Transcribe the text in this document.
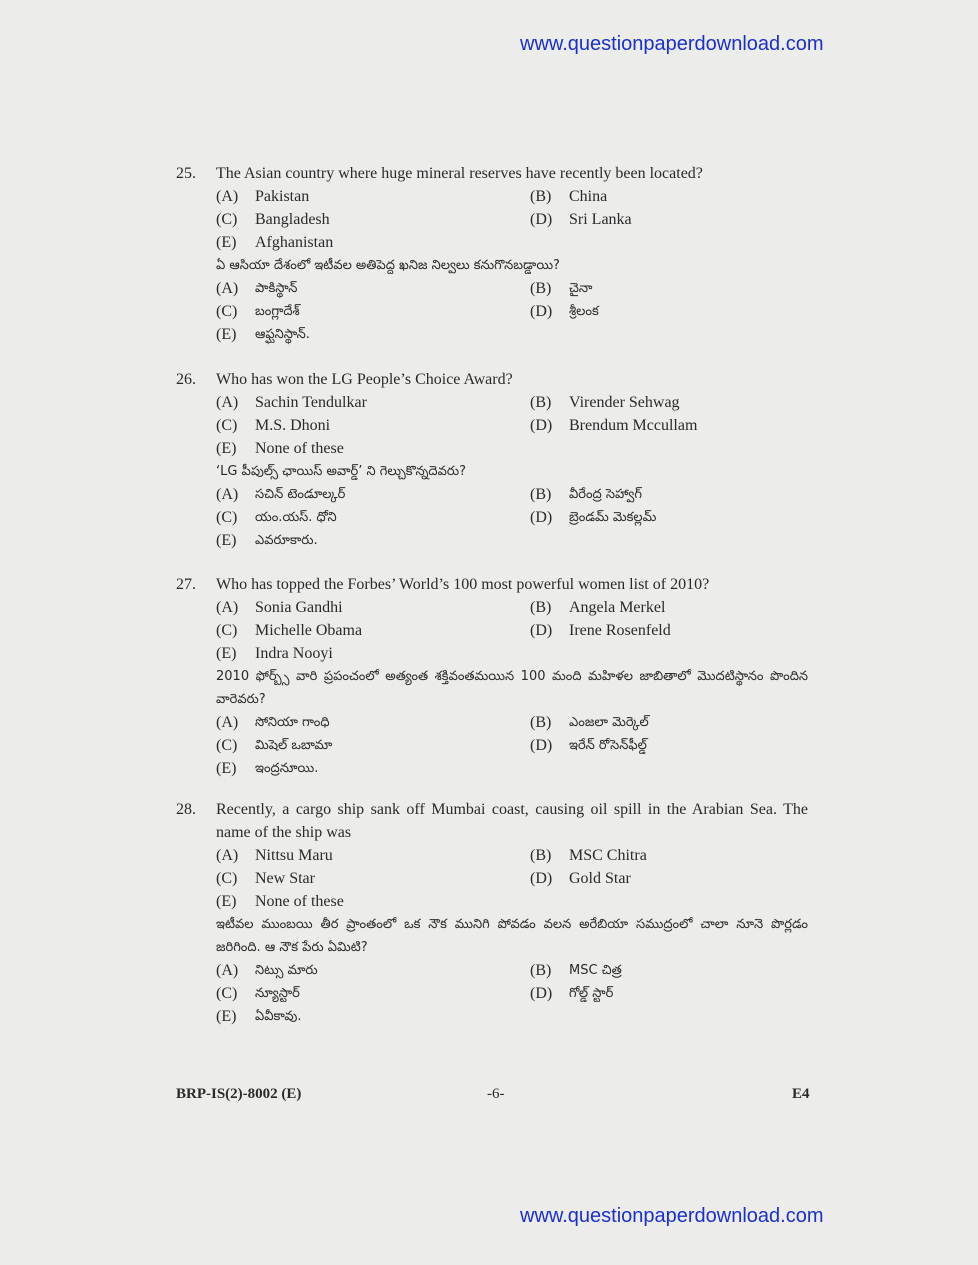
www.questionpaperdownload.com
25. The Asian country where huge mineral reserves have recently been located?
(A) Pakistan	(B) China
(C) Bangladesh	(D) Sri Lanka
(E) Afghanistan
ఏ ఆసియా దేశంలో ఇటీవల అతిపెద్ద ఖనిజ నిల్వలు కనుగొనబడ్డాయి?
(A) పాకిస్థాన్	(B) చైనా
(C) బంగ్లాదేశ్	(D) శ్రీలంక
(E) ఆఫ్ఘనిస్థాన్.
26. Who has won the LG People’s Choice Award?
(A) Sachin Tendulkar	(B) Virender Sehwag
(C) M.S. Dhoni	(D) Brendum Mccullam
(E) None of these
‘LG పీపుల్స్ ఛాయిస్ అవార్డ్’ ని గెల్చుకొన్నదెవరు?
(A) సచిన్ టెండూల్కర్	(B) వీరేంద్ర సెహ్వాగ్
(C) యం.యస్. ధోని	(D) బ్రెండమ్ మెకల్లమ్
(E) ఎవరూకారు.
27. Who has topped the Forbes’ World’s 100 most powerful women list of 2010?
(A) Sonia Gandhi	(B) Angela Merkel
(C) Michelle Obama	(D) Irene Rosenfeld
(E) Indra Nooyi
2010 ఫోర్బ్స్ వారి ప్రపంచంలో అత్యంత శక్తివంతమయిన 100 మంది మహిళల జాబితాలో మొదటిస్థానం పొందిన వారెవరు?
(A) సోనియా గాంధి	(B) ఎంజలా మెర్కెల్
(C) మిషెల్ ఒబామా	(D) ఇరేన్ రోసెన్‌ఫీల్డ్
(E) ఇంద్రనూయి.
28. Recently, a cargo ship sank off Mumbai coast, causing oil spill in the Arabian Sea. The name of the ship was
(A) Nittsu Maru	(B) MSC Chitra
(C) New Star	(D) Gold Star
(E) None of these
ఇటీవల ముంబయి తీర ప్రాంతంలో ఒక నౌక మునిగి పోవడం వలన అరేబియా సముద్రంలో చాలా నూనె పొర్లడం జరిగింది. ఆ నౌక పేరు ఏమిటి?
(A) నిట్సు మారు	(B) MSC చిత్ర
(C) న్యూస్టార్	(D) గోల్డ్ స్టార్
(E) ఏవీకావు.
BRP-IS(2)-8002 (E)	-6-	E4
www.questionpaperdownload.com
